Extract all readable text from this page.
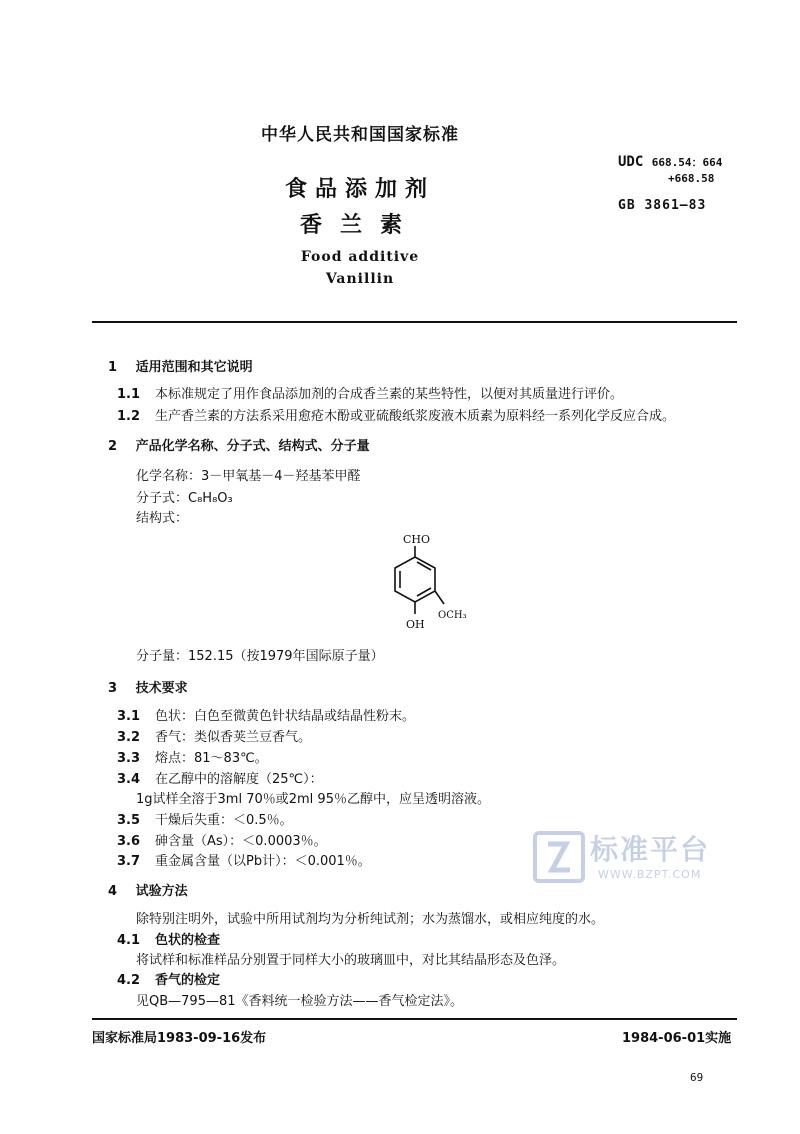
中华人民共和国国家标准
食品添加剂
香兰素
Food additive
Vanillin
UDC 668.54：664
+668.58
GB 3861—83
1 适用范围和其它说明
1.1 本标准规定了用作食品添加剂的合成香兰素的某些特性，以便对其质量进行评价。
1.2 生产香兰素的方法系采用愈疮木酚或亚硫酸纸浆废液木质素为原料经一系列化学反应合成。
2 产品化学名称、分子式、结构式、分子量
化学名称：3－甲氧基－4－羟基苯甲醛
分子式：C₈H₈O₃
结构式：
CHO
OCH₃
OH
分子量：152.15（按1979年国际原子量）
3 技术要求
3.1 色状：白色至微黄色针状结晶或结晶性粉末。
3.2 香气：类似香荚兰豆香气。
3.3 熔点：81～83℃。
3.4 在乙醇中的溶解度（25℃）：
1g试样全溶于3ml 70％或2ml 95％乙醇中，应呈透明溶液。
3.5 干燥后失重：＜0.5％。
3.6 砷含量（As）：＜0.0003％。
3.7 重金属含量（以Pb计）：＜0.001％。	标准平台
WWW.BZPT.COM
4 试验方法
除特别注明外，试验中所用试剂均为分析纯试剂；水为蒸馏水，或相应纯度的水。
4.1 色状的检查
将试样和标准样品分别置于同样大小的玻璃皿中，对比其结晶形态及色泽。
4.2 香气的检定
见QB—795—81《香料统一检验方法——香气检定法》。
国家标准局1983-09-16发布	1984-06-01实施
69
